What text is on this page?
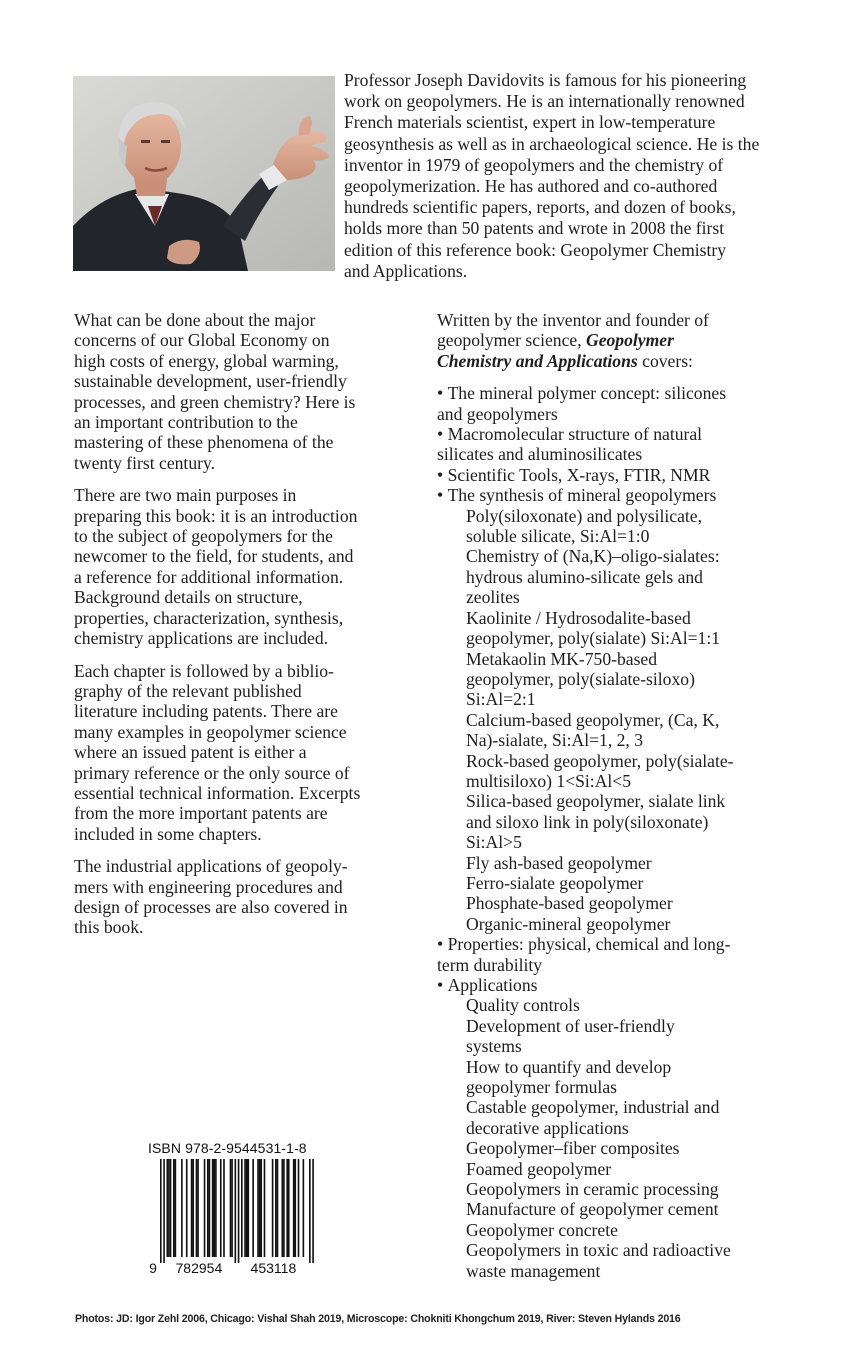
Professor Joseph Davidovits is famous for his pioneering
work on geopolymers. He is an internationally renowned
French materials scientist, expert in low-temperature
geosynthesis as well as in archaeological science. He is the
inventor in 1979 of geopolymers and the chemistry of
geopolymerization. He has authored and co-authored
hundreds scientific papers, reports, and dozen of books,
holds more than 50 patents and wrote in 2008 the first
edition of this reference book: Geopolymer Chemistry
and Applications.

What can be done about the major
concerns of our Global Economy on
high costs of energy, global warming,
sustainable development, user-friendly
processes, and green chemistry? Here is
an important contribution to the
mastering of these phenomena of the
twenty first century.

There are two main purposes in
preparing this book: it is an introduction
to the subject of geopolymers for the
newcomer to the field, for students, and
a reference for additional information.
Background details on structure,
properties, characterization, synthesis,
chemistry applications are included.

Each chapter is followed by a biblio-
graphy of the relevant published
literature including patents. There are
many examples in geopolymer science
where an issued patent is either a
primary reference or the only source of
essential technical information. Excerpts
from the more important patents are
included in some chapters.

The industrial applications of geopoly-
mers with engineering procedures and
design of processes are also covered in
this book.

Written by the inventor and founder of
geopolymer science, Geopolymer
Chemistry and Applications covers:

• The mineral polymer concept: silicones
and geopolymers
• Macromolecular structure of natural
silicates and aluminosilicates
• Scientific Tools, X-rays, FTIR, NMR
• The synthesis of mineral geopolymers
Poly(siloxonate) and polysilicate,
soluble silicate, Si:Al=1:0
Chemistry of (Na,K)–oligo-sialates:
hydrous alumino-silicate gels and
zeolites
Kaolinite / Hydrosodalite-based
geopolymer, poly(sialate) Si:Al=1:1
Metakaolin MK-750-based
geopolymer, poly(sialate-siloxo)
Si:Al=2:1
Calcium-based geopolymer, (Ca, K,
Na)-sialate, Si:Al=1, 2, 3
Rock-based geopolymer, poly(sialate-
multisiloxo) 1<Si:Al<5
Silica-based geopolymer, sialate link
and siloxo link in poly(siloxonate)
Si:Al>5
Fly ash-based geopolymer
Ferro-sialate geopolymer
Phosphate-based geopolymer
Organic-mineral geopolymer
• Properties: physical, chemical and long-
term durability
• Applications
Quality controls
Development of user-friendly
systems
How to quantify and develop
geopolymer formulas
Castable geopolymer, industrial and
decorative applications
Geopolymer–fiber composites
Foamed geopolymer
Geopolymers in ceramic processing
Manufacture of geopolymer cement
Geopolymer concrete
Geopolymers in toxic and radioactive
waste management
ISBN 978-2-9544531-1-8
9 782954 453118
Photos: JD: Igor Zehl 2006, Chicago: Vishal Shah 2019, Microscope: Chokniti Khongchum 2019, River: Steven Hylands 2016
